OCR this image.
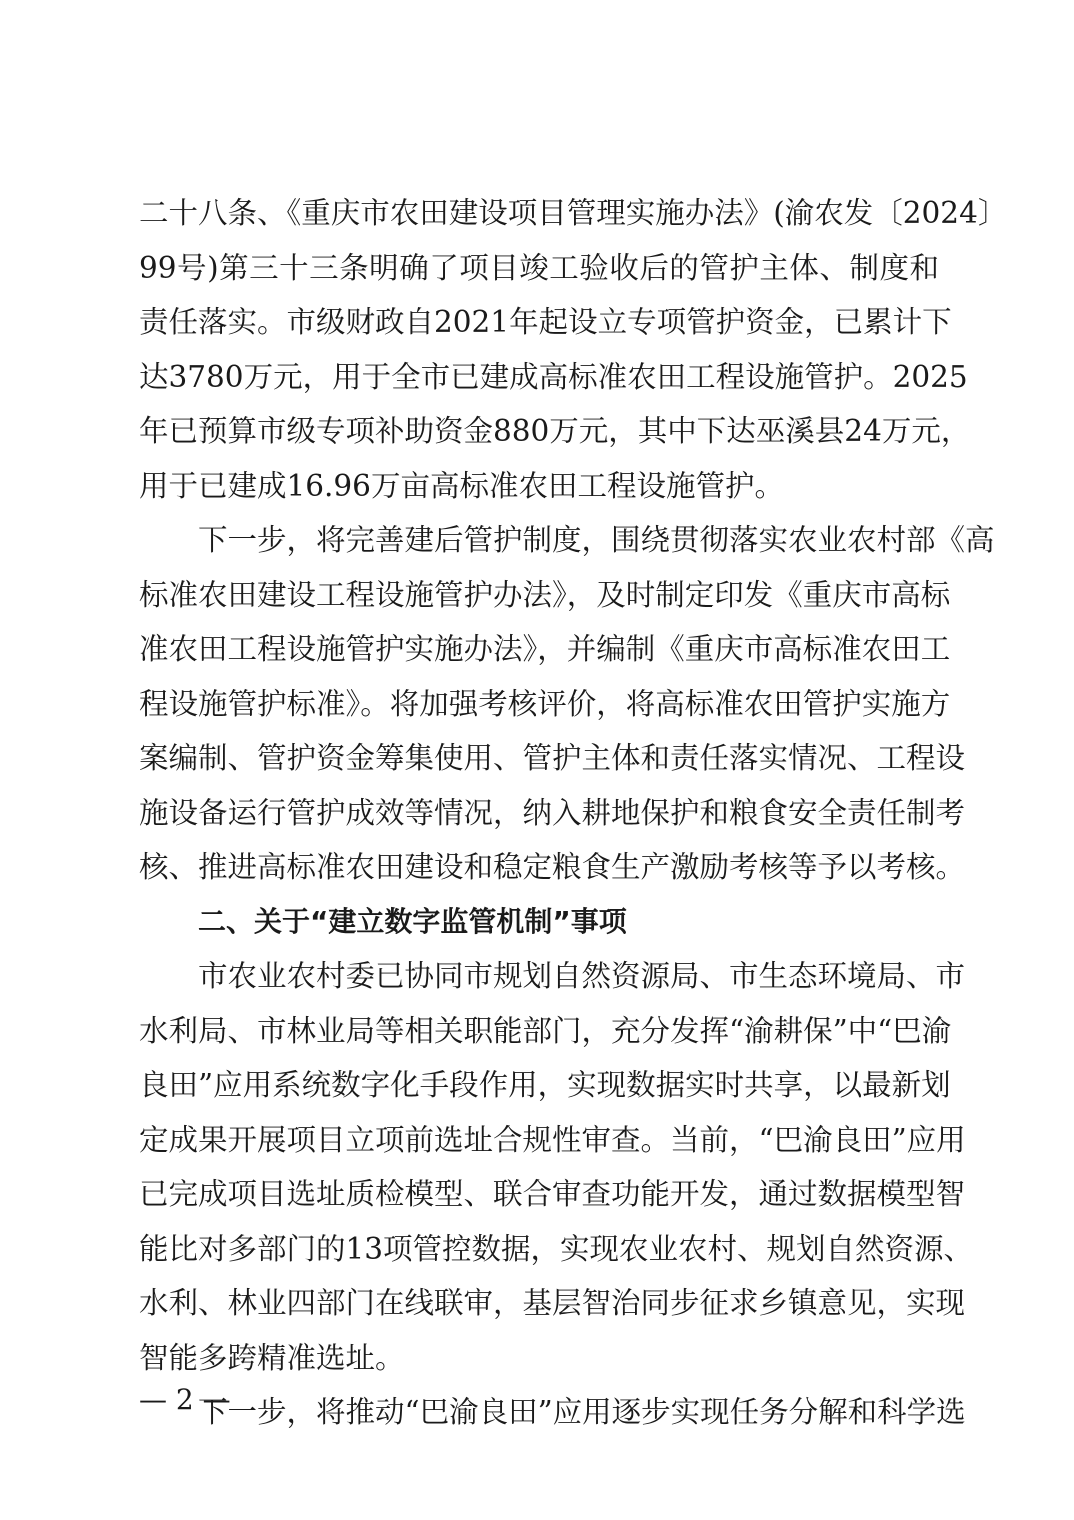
二十八条、《重庆市农田建设项目管理实施办法》(渝农发〔2024〕
99号)第三十三条明确了项目竣工验收后的管护主体、制度和
责任落实。市级财政自2021年起设立专项管护资金，已累计下
达3780万元，用于全市已建成高标准农田工程设施管护。2025
年已预算市级专项补助资金880万元，其中下达巫溪县24万元，
用于已建成16.96万亩高标准农田工程设施管护。
下一步，将完善建后管护制度，围绕贯彻落实农业农村部《高
标准农田建设工程设施管护办法》，及时制定印发《重庆市高标
准农田工程设施管护实施办法》，并编制《重庆市高标准农田工
程设施管护标准》。将加强考核评价，将高标准农田管护实施方
案编制、管护资金筹集使用、管护主体和责任落实情况、工程设
施设备运行管护成效等情况，纳入耕地保护和粮食安全责任制考
核、推进高标准农田建设和稳定粮食生产激励考核等予以考核。
二、关于“建立数字监管机制”事项
市农业农村委已协同市规划自然资源局、市生态环境局、市
水利局、市林业局等相关职能部门，充分发挥“渝耕保”中“巴渝
良田”应用系统数字化手段作用，实现数据实时共享，以最新划
定成果开展项目立项前选址合规性审查。当前，“巴渝良田”应用
已完成项目选址质检模型、联合审查功能开发，通过数据模型智
能比对多部门的13项管控数据，实现农业农村、规划自然资源、
水利、林业四部门在线联审，基层智治同步征求乡镇意见，实现
智能多跨精准选址。
下一步，将推动“巴渝良田”应用逐步实现任务分解和科学选
— 2 —
